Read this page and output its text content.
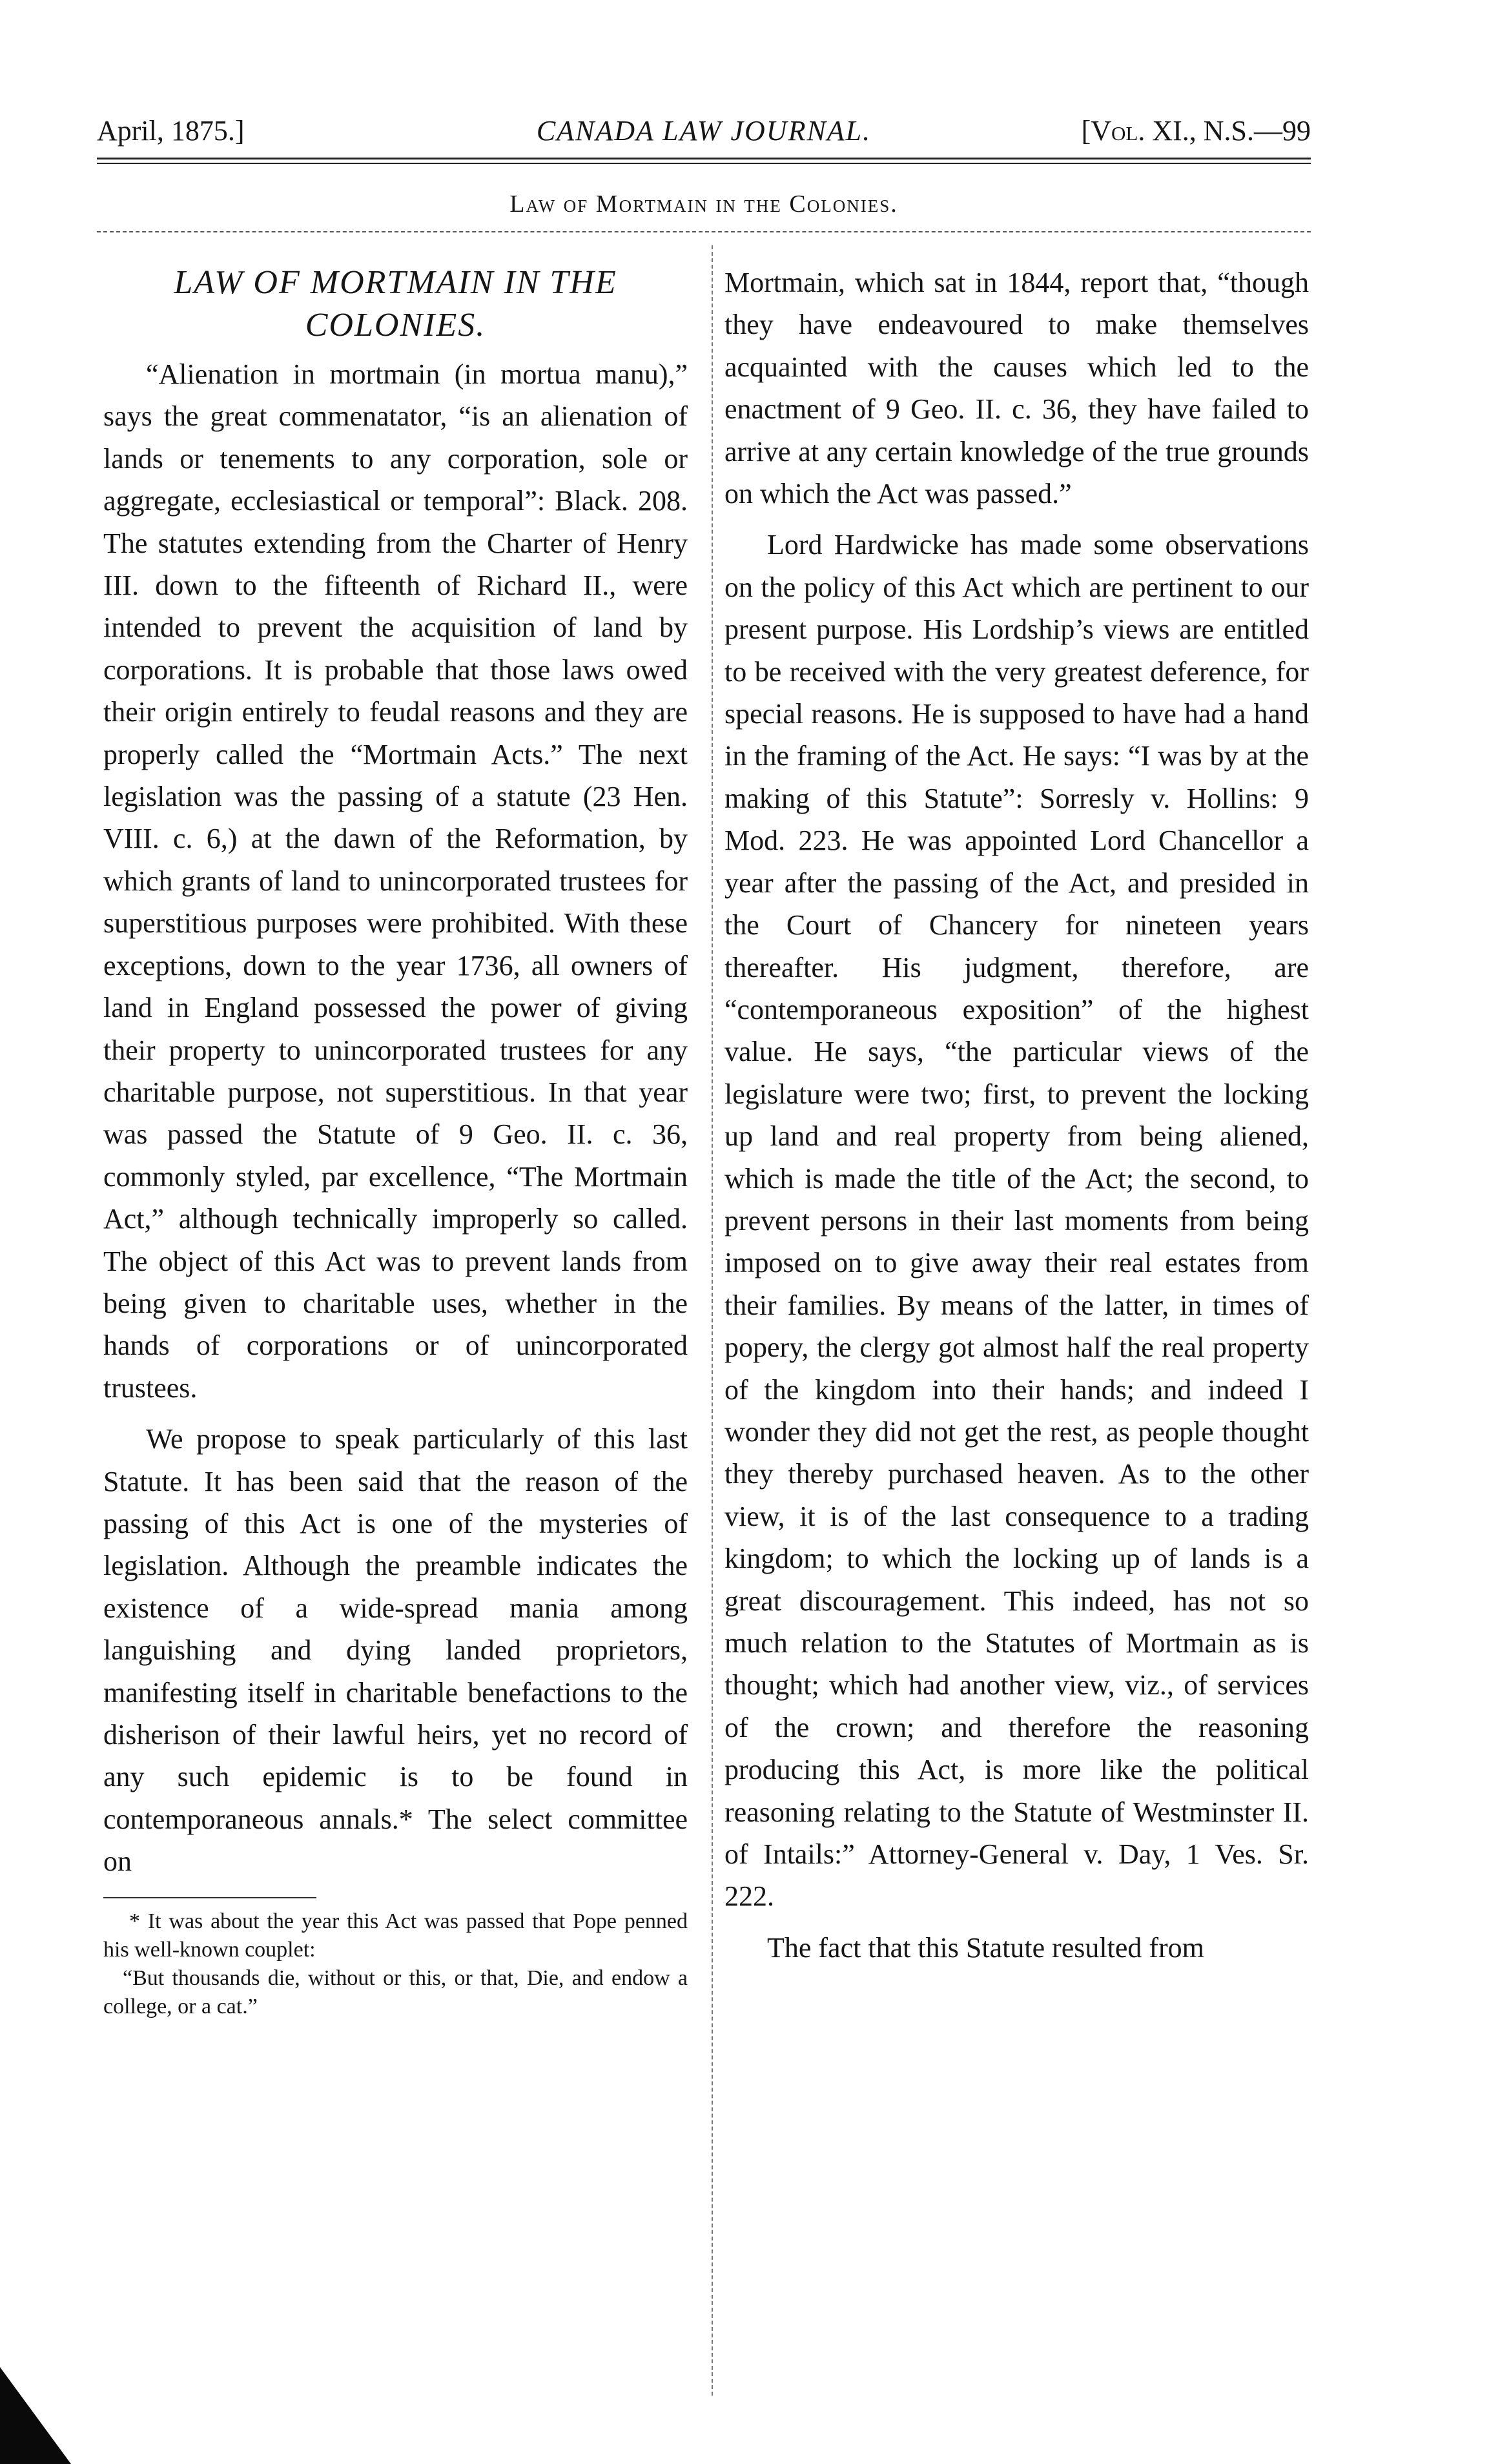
April, 1875.]	CANADA LAW JOURNAL.	[Vol. XI., N.S.—99
Law of Mortmain in the Colonies.
LAW OF MORTMAIN IN THE COLONIES.

“Alienation in mortmain (in mortua manu),” says the great commenatator, “is an alienation of lands or tenements to any corporation, sole or aggregate, ecclesiastical or temporal”: Black. 208. The statutes extending from the Charter of Henry III. down to the fifteenth of Richard II., were intended to prevent the acquisition of land by corporations. It is probable that those laws owed their origin entirely to feudal reasons and they are properly called the “Mortmain Acts.” The next legislation was the passing of a statute (23 Hen. VIII. c. 6,) at the dawn of the Reformation, by which grants of land to unincorporated trustees for superstitious purposes were prohibited. With these exceptions, down to the year 1736, all owners of land in England possessed the power of giving their property to unincorporated trustees for any charitable purpose, not superstitious. In that year was passed the Statute of 9 Geo. II. c. 36, commonly styled, par excellence, “The Mortmain Act,” although technically improperly so called. The object of this Act was to prevent lands from being given to charitable uses, whether in the hands of corporations or of unincorporated trustees.

We propose to speak particularly of this last Statute. It has been said that the reason of the passing of this Act is one of the mysteries of legislation. Although the preamble indicates the existence of a wide-spread mania among languishing and dying landed proprietors, manifesting itself in charitable benefactions to the disherison of their lawful heirs, yet no record of any such epidemic is to be found in contemporaneous annals.* The select committee on

* It was about the year this Act was passed that Pope penned his well-known couplet:

“But thousands die, without or this, or that, Die, and endow a college, or a cat.”

Mortmain, which sat in 1844, report that, “though they have endeavoured to make themselves acquainted with the causes which led to the enactment of 9 Geo. II. c. 36, they have failed to arrive at any certain knowledge of the true grounds on which the Act was passed.”

Lord Hardwicke has made some observations on the policy of this Act which are pertinent to our present purpose. His Lordship’s views are entitled to be received with the very greatest deference, for special reasons. He is supposed to have had a hand in the framing of the Act. He says: “I was by at the making of this Statute”: Sorresly v. Hollins: 9 Mod. 223. He was appointed Lord Chancellor a year after the passing of the Act, and presided in the Court of Chancery for nineteen years thereafter. His judgment, therefore, are “contemporaneous exposition” of the highest value. He says, “the particular views of the legislature were two; first, to prevent the locking up land and real property from being aliened, which is made the title of the Act; the second, to prevent persons in their last moments from being imposed on to give away their real estates from their families. By means of the latter, in times of popery, the clergy got almost half the real property of the kingdom into their hands; and indeed I wonder they did not get the rest, as people thought they thereby purchased heaven. As to the other view, it is of the last consequence to a trading kingdom; to which the locking up of lands is a great discouragement. This indeed, has not so much relation to the Statutes of Mortmain as is thought; which had another view, viz., of services of the crown; and therefore the reasoning producing this Act, is more like the political reasoning relating to the Statute of Westminster II. of Intails:” Attorney-General v. Day, 1 Ves. Sr. 222.

The fact that this Statute resulted from
